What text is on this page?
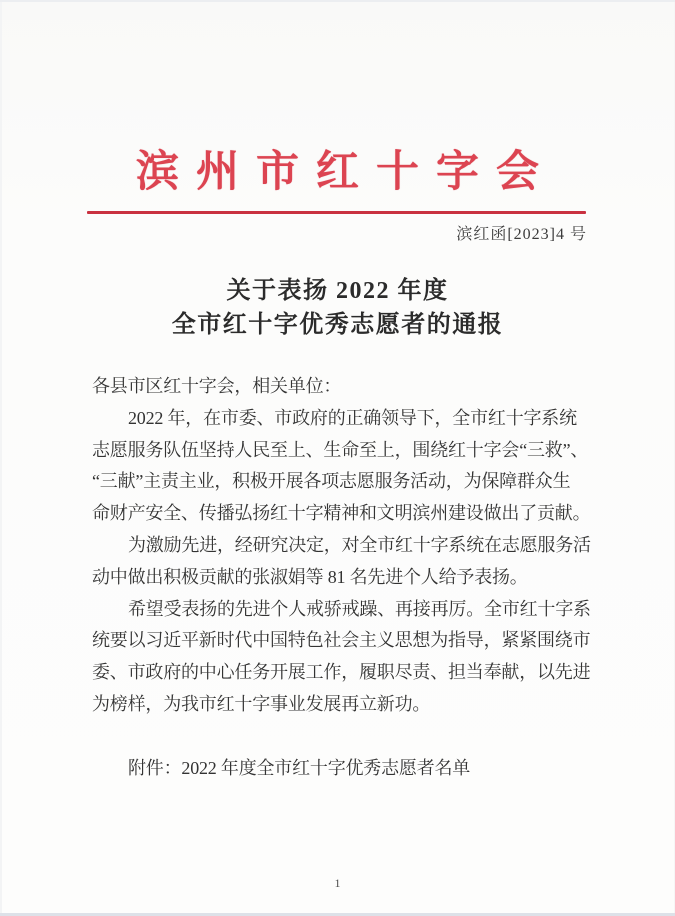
滨州市红十字会
滨红函[2023]4 号
关于表扬 2022 年度
全市红十字优秀志愿者的通报
各县市区红十字会，相关单位：
2022 年，在市委、市政府的正确领导下，全市红十字系统
志愿服务队伍坚持人民至上、生命至上，围绕红十字会“三救”、
“三献”主责主业，积极开展各项志愿服务活动，为保障群众生
命财产安全、传播弘扬红十字精神和文明滨州建设做出了贡献。
为激励先进，经研究决定，对全市红十字系统在志愿服务活
动中做出积极贡献的张淑娟等 81 名先进个人给予表扬。
希望受表扬的先进个人戒骄戒躁、再接再厉。全市红十字系
统要以习近平新时代中国特色社会主义思想为指导，紧紧围绕市
委、市政府的中心任务开展工作，履职尽责、担当奉献，以先进
为榜样，为我市红十字事业发展再立新功。
附件：2022 年度全市红十字优秀志愿者名单
1
